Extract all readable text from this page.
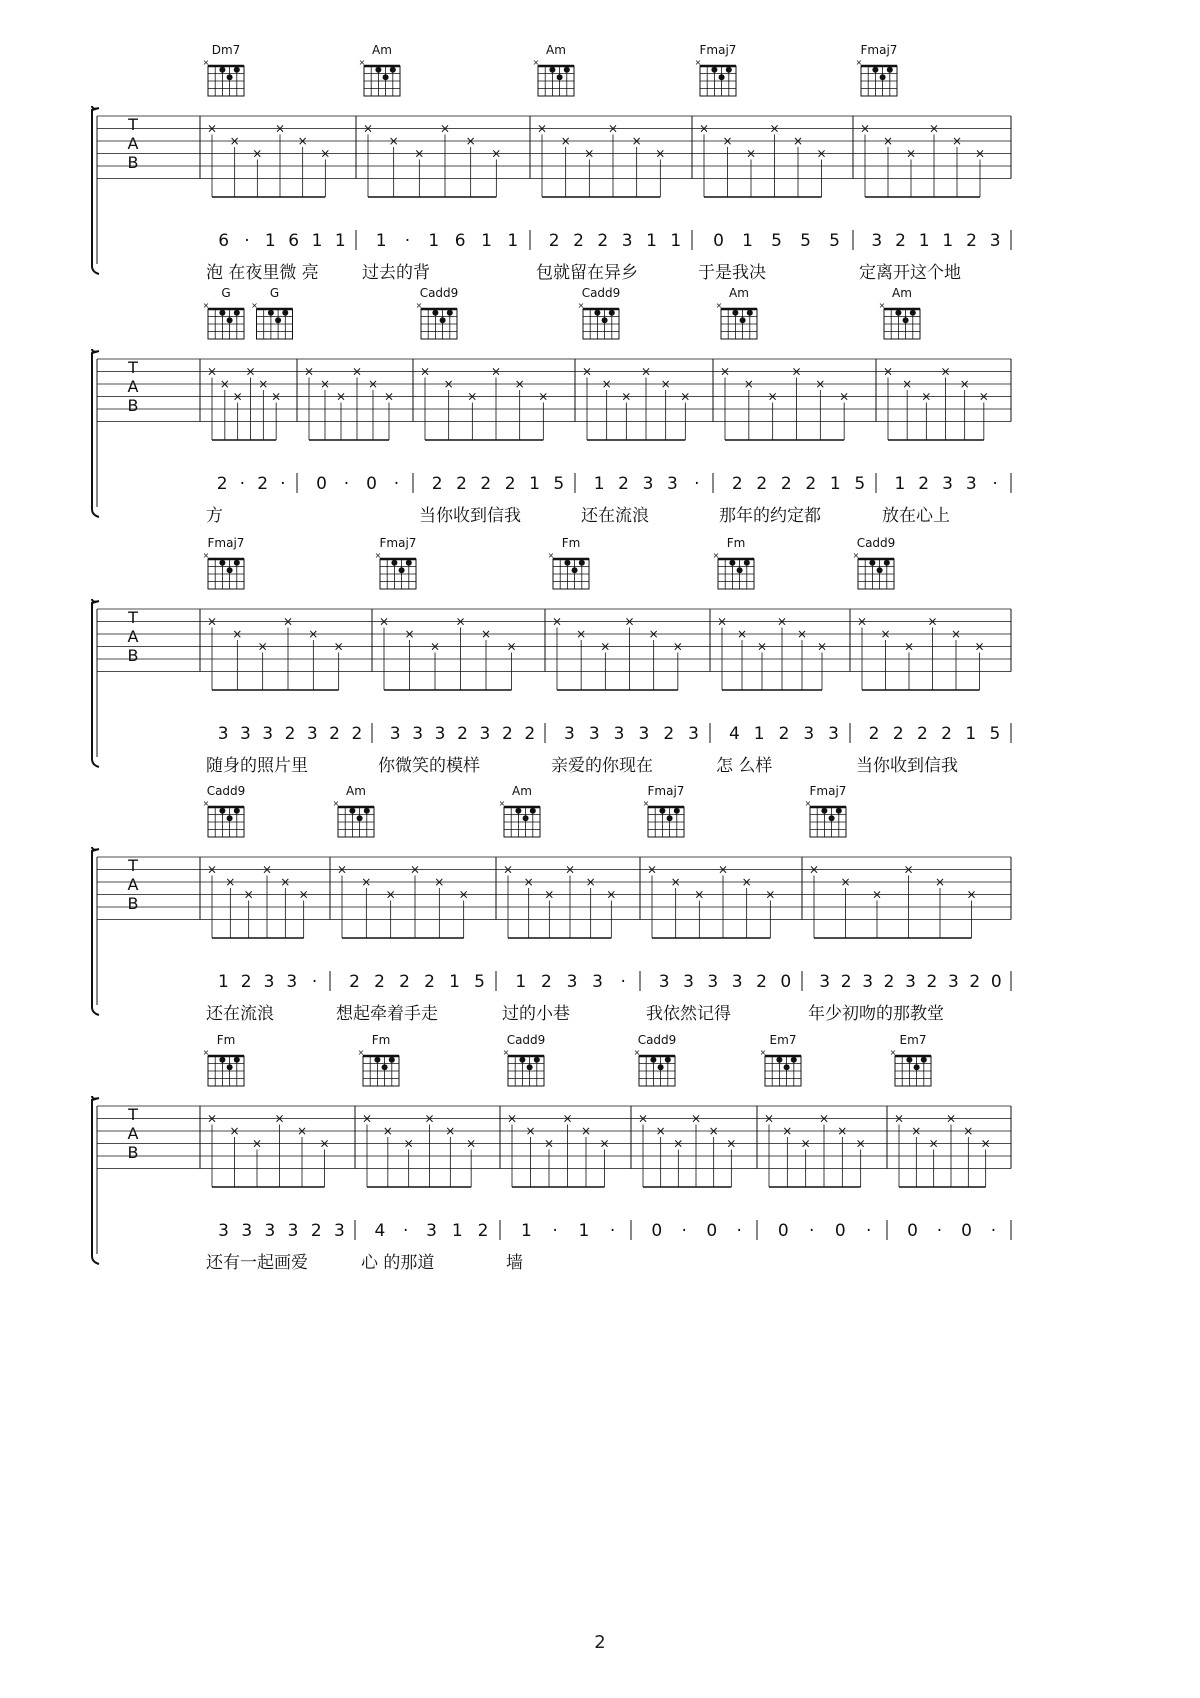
T
A
B
Dm7
×
×
×
×
×
×
×
6 · 1 6 1 1
泡 在夜里微 亮
Am
×
×
×
×
×
×
×
1 · 1 6 1 1
过去的背
Am
×
×
×
×
×
×
×
2 2 2 3 1 1
包就留在异乡
Fmaj7
×
×
×
×
×
×
×
0 1 5 5 5
于是我决
Fmaj7
×
×
×
×
×
×
×
3 2 1 1 2 3
定离开这个地
T
A
B
G
×
G
×
×
×
×
×
×
×
2 · 2 ·
方
×
×
×
×
×
×
0 · 0 ·
Cadd9
×
×
×
×
×
×
×
2 2 2 2 1 5
当你收到信我
Cadd9
×
×
×
×
×
×
×
1 2 3 3 ·
还在流浪
Am
×
×
×
×
×
×
×
2 2 2 2 1 5
那年的约定都
Am
×
×
×
×
×
×
×
1 2 3 3 ·
放在心上
T
A
B
Fmaj7
×
×
×
×
×
×
×
3 3 3 2 3 2 2
随身的照片里
Fmaj7
×
×
×
×
×
×
×
3 3 3 2 3 2 2
你微笑的模样
Fm
×
×
×
×
×
×
×
3 3 3 3 2 3
亲爱的你现在
Fm
×
×
×
×
×
×
×
4 1 2 3 3
怎 么样
Cadd9
×
×
×
×
×
×
×
2 2 2 2 1 5
当你收到信我
T
A
B
Cadd9
×
×
×
×
×
×
×
1 2 3 3 ·
还在流浪
Am
×
×
×
×
×
×
×
2 2 2 2 1 5
想起牵着手走
Am
×
×
×
×
×
×
×
1 2 3 3 ·
过的小巷
Fmaj7
×
×
×
×
×
×
×
3 3 3 3 2 0
我依然记得
Fmaj7
×
×
×
×
×
×
×
3 2 3 2 3 2 3 2 0
年少初吻的那教堂
T
A
B
Fm
×
×
×
×
×
×
×
3 3 3 3 2 3
还有一起画爱
Fm
×
×
×
×
×
×
×
4 · 3 1 2
心 的那道
Cadd9
×
×
×
×
×
×
×
1 · 1 ·
墙
Cadd9
×
×
×
×
×
×
×
0 · 0 ·
Em7
×
×
×
×
×
×
×
0 · 0 ·
Em7
×
×
×
×
×
×
×
0 · 0 ·
2
